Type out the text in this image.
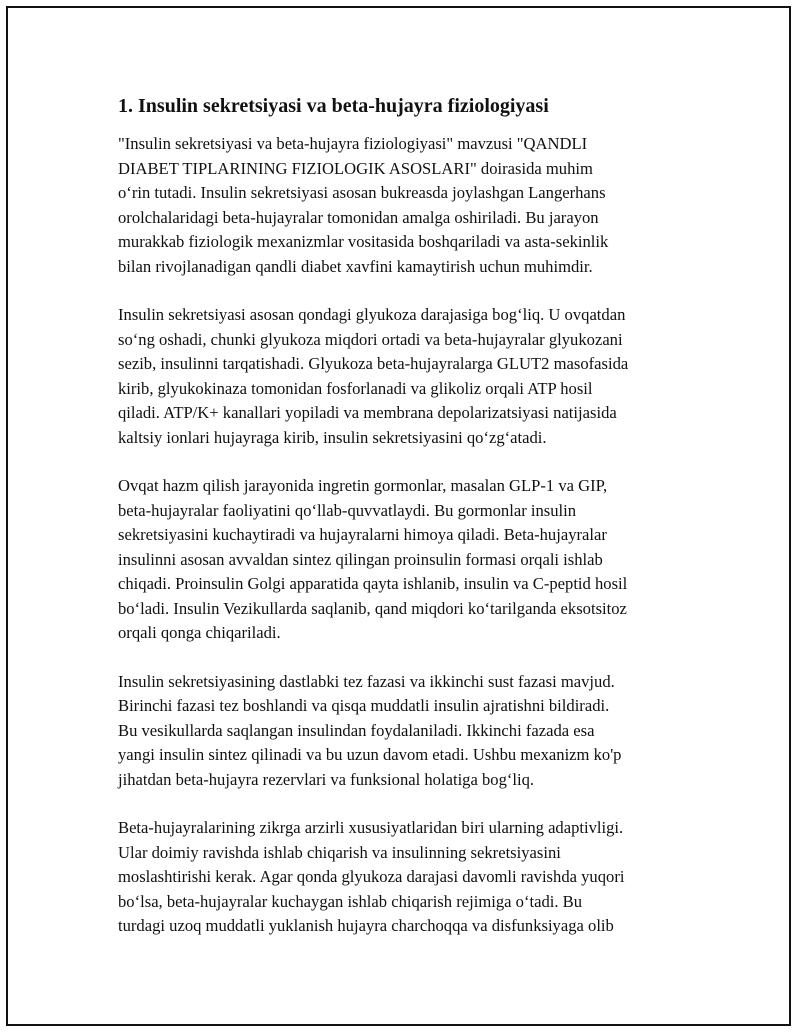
1. Insulin sekretsiyasi va beta-hujayra fiziologiyasi

"Insulin sekretsiyasi va beta-hujayra fiziologiyasi" mavzusi "QANDLI
DIABET TIPLARINING FIZIOLOGIK ASOSLARI" doirasida muhim
o‘rin tutadi. Insulin sekretsiyasi asosan bukreasda joylashgan Langerhans
orolchalaridagi beta-hujayralar tomonidan amalga oshiriladi. Bu jarayon
murakkab fiziologik mexanizmlar vositasida boshqariladi va asta-sekinlik
bilan rivojlanadigan qandli diabet xavfini kamaytirish uchun muhimdir.

Insulin sekretsiyasi asosan qondagi glyukoza darajasiga bog‘liq. U ovqatdan
so‘ng oshadi, chunki glyukoza miqdori ortadi va beta-hujayralar glyukozani
sezib, insulinni tarqatishadi. Glyukoza beta-hujayralarga GLUT2 masofasida
kirib, glyukokinaza tomonidan fosforlanadi va glikoliz orqali ATP hosil
qiladi. ATP/K+ kanallari yopiladi va membrana depolarizatsiyasi natijasida
kaltsiy ionlari hujayraga kirib, insulin sekretsiyasini qo‘zg‘atadi.

Ovqat hazm qilish jarayonida ingretin gormonlar, masalan GLP-1 va GIP,
beta-hujayralar faoliyatini qo‘llab-quvvatlaydi. Bu gormonlar insulin
sekretsiyasini kuchaytiradi va hujayralarni himoya qiladi. Beta-hujayralar
insulinni asosan avvaldan sintez qilingan proinsulin formasi orqali ishlab
chiqadi. Proinsulin Golgi apparatida qayta ishlanib, insulin va C-peptid hosil
bo‘ladi. Insulin Vezikullarda saqlanib, qand miqdori ko‘tarilganda eksotsitoz
orqali qonga chiqariladi.

Insulin sekretsiyasining dastlabki tez fazasi va ikkinchi sust fazasi mavjud.
Birinchi fazasi tez boshlandi va qisqa muddatli insulin ajratishni bildiradi.
Bu vesikullarda saqlangan insulindan foydalaniladi. Ikkinchi fazada esa
yangi insulin sintez qilinadi va bu uzun davom etadi. Ushbu mexanizm ko'p
jihatdan beta-hujayra rezervlari va funksional holatiga bog‘liq.

Beta-hujayralarining zikrga arzirli xususiyatlaridan biri ularning adaptivligi.
Ular doimiy ravishda ishlab chiqarish va insulinning sekretsiyasini
moslashtirishi kerak. Agar qonda glyukoza darajasi davomli ravishda yuqori
bo‘lsa, beta-hujayralar kuchaygan ishlab chiqarish rejimiga o‘tadi. Bu
turdagi uzoq muddatli yuklanish hujayra charchoqqa va disfunksiyaga olib
